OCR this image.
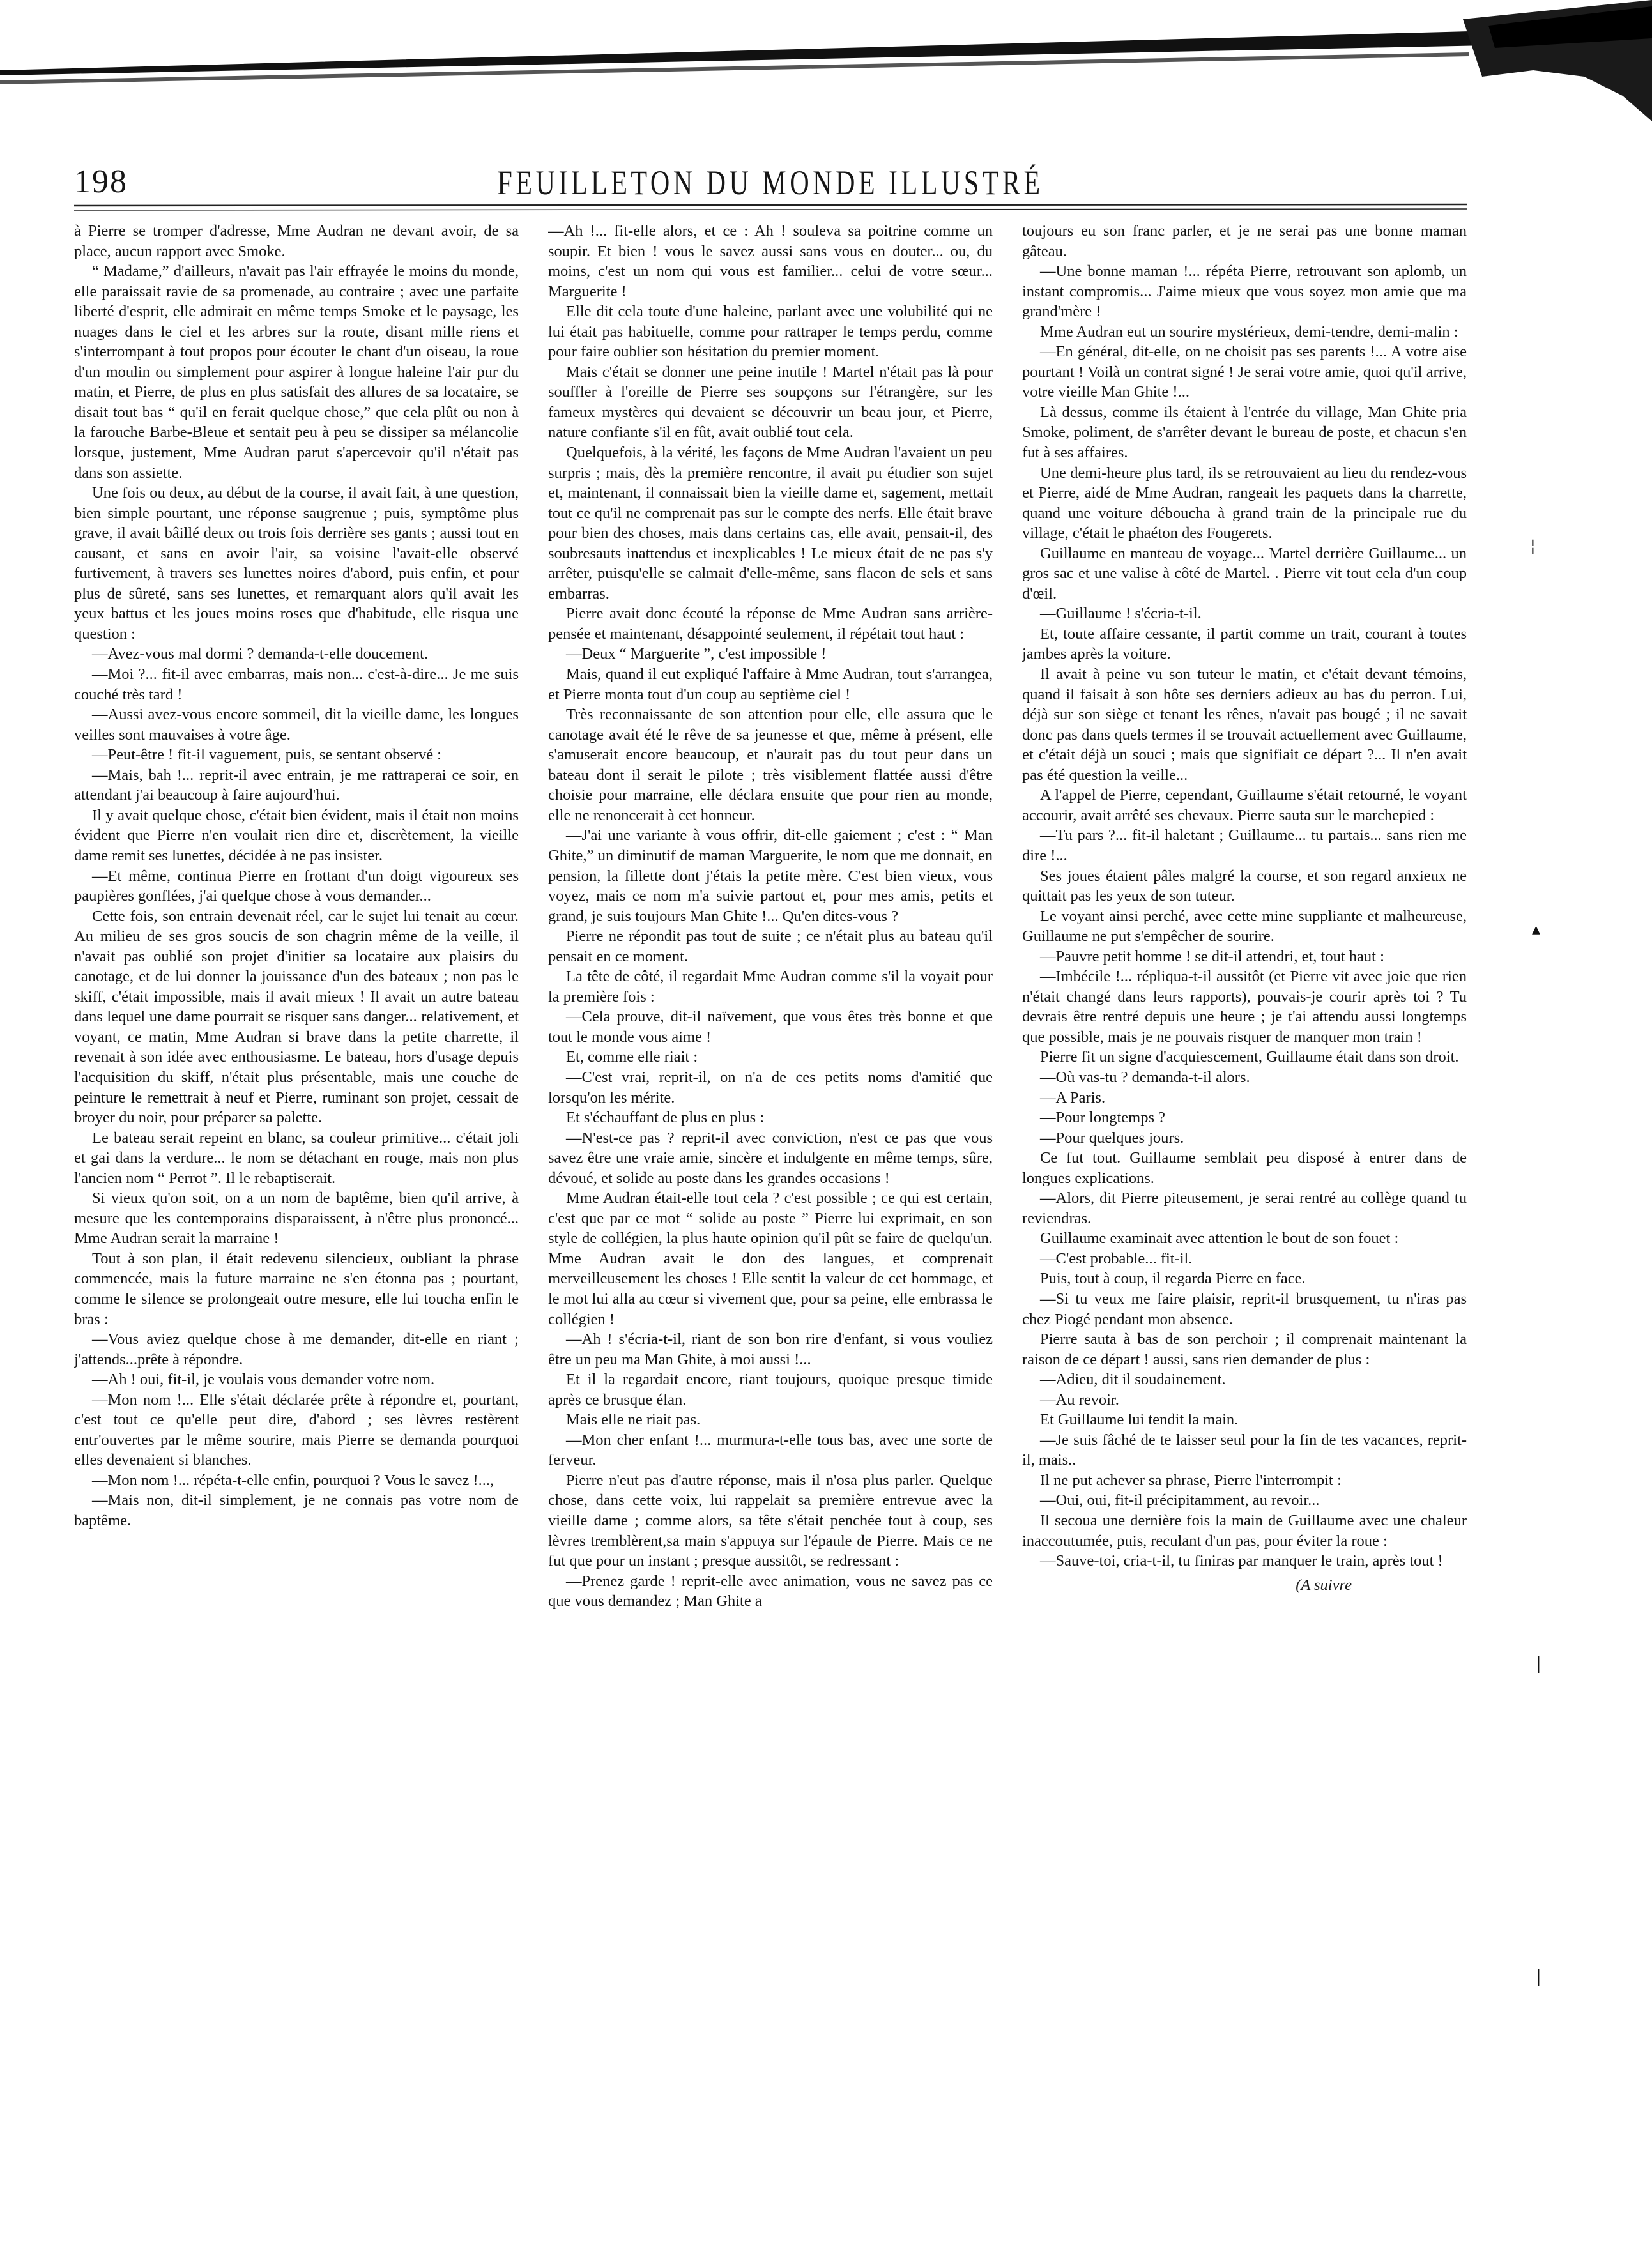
198	FEUILLETON DU MONDE ILLUSTRÉ

à Pierre se tromper d'adresse, Mme Audran ne devant avoir, de sa place, aucun rapport avec Smoke.

“ Madame,” d'ailleurs, n'avait pas l'air effrayée le moins du monde, elle paraissait ravie de sa promenade, au contraire ; avec une parfaite liberté d'esprit, elle admirait en même temps Smoke et le paysage, les nuages dans le ciel et les arbres sur la route, disant mille riens et s'interrompant à tout propos pour écouter le chant d'un oiseau, la roue d'un moulin ou simplement pour aspirer à longue haleine l'air pur du matin, et Pierre, de plus en plus satisfait des allures de sa locataire, se disait tout bas “ qu'il en ferait quelque chose,” que cela plût ou non à la farouche Barbe-Bleue et sentait peu à peu se dissiper sa mélancolie lorsque, justement, Mme Audran parut s'apercevoir qu'il n'était pas dans son assiette.

Une fois ou deux, au début de la course, il avait fait, à une question, bien simple pourtant, une réponse saugrenue ; puis, symptôme plus grave, il avait bâillé deux ou trois fois derrière ses gants ; aussi tout en causant, et sans en avoir l'air, sa voisine l'avait-elle observé furtivement, à travers ses lunettes noires d'abord, puis enfin, et pour plus de sûreté, sans ses lunettes, et remarquant alors qu'il avait les yeux battus et les joues moins roses que d'habitude, elle risqua une question :

—Avez-vous mal dormi ? demanda-t-elle doucement.

—Moi ?... fit-il avec embarras, mais non... c'est-à-dire... Je me suis couché très tard !

—Aussi avez-vous encore sommeil, dit la vieille dame, les longues veilles sont mauvaises à votre âge.

—Peut-être ! fit-il vaguement, puis, se sentant observé :

—Mais, bah !... reprit-il avec entrain, je me rattraperai ce soir, en attendant j'ai beaucoup à faire aujourd'hui.

Il y avait quelque chose, c'était bien évident, mais il était non moins évident que Pierre n'en voulait rien dire et, discrètement, la vieille dame remit ses lunettes, décidée à ne pas insister.

—Et même, continua Pierre en frottant d'un doigt vigoureux ses paupières gonflées, j'ai quelque chose à vous demander...

Cette fois, son entrain devenait réel, car le sujet lui tenait au cœur. Au milieu de ses gros soucis de son chagrin même de la veille, il n'avait pas oublié son projet d'initier sa locataire aux plaisirs du canotage, et de lui donner la jouissance d'un des bateaux ; non pas le skiff, c'était impossible, mais il avait mieux ! Il avait un autre bateau dans lequel une dame pourrait se risquer sans danger... relativement, et voyant, ce matin, Mme Audran si brave dans la petite charrette, il revenait à son idée avec enthousiasme. Le bateau, hors d'usage depuis l'acquisition du skiff, n'était plus présentable, mais une couche de peinture le remettrait à neuf et Pierre, ruminant son projet, cessait de broyer du noir, pour préparer sa palette.

Le bateau serait repeint en blanc, sa couleur primitive... c'était joli et gai dans la verdure... le nom se détachant en rouge, mais non plus l'ancien nom “ Perrot ”. Il le rebaptiserait.

Si vieux qu'on soit, on a un nom de baptême, bien qu'il arrive, à mesure que les contemporains disparaissent, à n'être plus prononcé... Mme Audran serait la marraine !

Tout à son plan, il était redevenu silencieux, oubliant la phrase commencée, mais la future marraine ne s'en étonna pas ; pourtant, comme le silence se prolongeait outre mesure, elle lui toucha enfin le bras :

—Vous aviez quelque chose à me demander, dit-elle en riant ; j'attends...prête à répondre.

—Ah ! oui, fit-il, je voulais vous demander votre nom.

—Mon nom !... Elle s'était déclarée prête à répondre et, pourtant, c'est tout ce qu'elle peut dire, d'abord ; ses lèvres restèrent entr'ouvertes par le même sourire, mais Pierre se demanda pourquoi elles devenaient si blanches.

—Mon nom !... répéta-t-elle enfin, pourquoi ? Vous le savez !...,

—Mais non, dit-il simplement, je ne connais pas votre nom de baptême.

—Ah !... fit-elle alors, et ce : Ah ! souleva sa poitrine comme un soupir. Et bien ! vous le savez aussi sans vous en douter... ou, du moins, c'est un nom qui vous est familier... celui de votre sœur... Marguerite !

Elle dit cela toute d'une haleine, parlant avec une volubilité qui ne lui était pas habituelle, comme pour rattraper le temps perdu, comme pour faire oublier son hésitation du premier moment.

Mais c'était se donner une peine inutile ! Martel n'était pas là pour souffler à l'oreille de Pierre ses soupçons sur l'étrangère, sur les fameux mystères qui devaient se découvrir un beau jour, et Pierre, nature confiante s'il en fût, avait oublié tout cela.

Quelquefois, à la vérité, les façons de Mme Audran l'avaient un peu surpris ; mais, dès la première rencontre, il avait pu étudier son sujet et, maintenant, il connaissait bien la vieille dame et, sagement, mettait tout ce qu'il ne comprenait pas sur le compte des nerfs. Elle était brave pour bien des choses, mais dans certains cas, elle avait, pensait-il, des soubresauts inattendus et inexplicables ! Le mieux était de ne pas s'y arrêter, puisqu'elle se calmait d'elle-même, sans flacon de sels et sans embarras.

Pierre avait donc écouté la réponse de Mme Audran sans arrière-pensée et maintenant, désappointé seulement, il répétait tout haut :

—Deux “ Marguerite ”, c'est impossible !

Mais, quand il eut expliqué l'affaire à Mme Audran, tout s'arrangea, et Pierre monta tout d'un coup au septième ciel !

Très reconnaissante de son attention pour elle, elle assura que le canotage avait été le rêve de sa jeunesse et que, même à présent, elle s'amuserait encore beaucoup, et n'aurait pas du tout peur dans un bateau dont il serait le pilote ; très visiblement flattée aussi d'être choisie pour marraine, elle déclara ensuite que pour rien au monde, elle ne renoncerait à cet honneur.

—J'ai une variante à vous offrir, dit-elle gaiement ; c'est : “ Man Ghite,” un diminutif de maman Marguerite, le nom que me donnait, en pension, la fillette dont j'étais la petite mère. C'est bien vieux, vous voyez, mais ce nom m'a suivie partout et, pour mes amis, petits et grand, je suis toujours Man Ghite !... Qu'en dites-vous ?

Pierre ne répondit pas tout de suite ; ce n'était plus au bateau qu'il pensait en ce moment.

La tête de côté, il regardait Mme Audran comme s'il la voyait pour la première fois :

—Cela prouve, dit-il naïvement, que vous êtes très bonne et que tout le monde vous aime !

Et, comme elle riait :

—C'est vrai, reprit-il, on n'a de ces petits noms d'amitié que lorsqu'on les mérite.

Et s'échauffant de plus en plus :

—N'est-ce pas ? reprit-il avec conviction, n'est ce pas que vous savez être une vraie amie, sincère et indulgente en même temps, sûre, dévoué, et solide au poste dans les grandes occasions !

Mme Audran était-elle tout cela ? c'est possible ; ce qui est certain, c'est que par ce mot “ solide au poste ” Pierre lui exprimait, en son style de collégien, la plus haute opinion qu'il pût se faire de quelqu'un. Mme Audran avait le don des langues, et comprenait merveilleusement les choses ! Elle sentit la valeur de cet hommage, et le mot lui alla au cœur si vivement que, pour sa peine, elle embrassa le collégien !

—Ah ! s'écria-t-il, riant de son bon rire d'enfant, si vous vouliez être un peu ma Man Ghite, à moi aussi !...

Et il la regardait encore, riant toujours, quoique presque timide après ce brusque élan.

Mais elle ne riait pas.

—Mon cher enfant !... murmura-t-elle tous bas, avec une sorte de ferveur.

Pierre n'eut pas d'autre réponse, mais il n'osa plus parler. Quelque chose, dans cette voix, lui rappelait sa première entrevue avec la vieille dame ; comme alors, sa tête s'était penchée tout à coup, ses lèvres tremblèrent,sa main s'appuya sur l'épaule de Pierre. Mais ce ne fut que pour un instant ; presque aussitôt, se redressant :

—Prenez garde ! reprit-elle avec animation, vous ne savez pas ce que vous demandez ; Man Ghite a

toujours eu son franc parler, et je ne serai pas une bonne maman gâteau.

—Une bonne maman !... répéta Pierre, retrouvant son aplomb, un instant compromis... J'aime mieux que vous soyez mon amie que ma grand'mère !

Mme Audran eut un sourire mystérieux, demi-tendre, demi-malin :

—En général, dit-elle, on ne choisit pas ses parents !... A votre aise pourtant ! Voilà un contrat signé ! Je serai votre amie, quoi qu'il arrive, votre vieille Man Ghite !...

Là dessus, comme ils étaient à l'entrée du village, Man Ghite pria Smoke, poliment, de s'arrêter devant le bureau de poste, et chacun s'en fut à ses affaires.

Une demi-heure plus tard, ils se retrouvaient au lieu du rendez-vous et Pierre, aidé de Mme Audran, rangeait les paquets dans la charrette, quand une voiture déboucha à grand train de la principale rue du village, c'était le phaéton des Fougerets.

Guillaume en manteau de voyage... Martel derrière Guillaume... un gros sac et une valise à côté de Martel. . Pierre vit tout cela d'un coup d'œil.

—Guillaume ! s'écria-t-il.

Et, toute affaire cessante, il partit comme un trait, courant à toutes jambes après la voiture.

Il avait à peine vu son tuteur le matin, et c'était devant témoins, quand il faisait à son hôte ses derniers adieux au bas du perron. Lui, déjà sur son siège et tenant les rênes, n'avait pas bougé ; il ne savait donc pas dans quels termes il se trouvait actuellement avec Guillaume, et c'était déjà un souci ; mais que signifiait ce départ ?... Il n'en avait pas été question la veille...

A l'appel de Pierre, cependant, Guillaume s'était retourné, le voyant accourir, avait arrêté ses chevaux. Pierre sauta sur le marchepied :

—Tu pars ?... fit-il haletant ; Guillaume... tu partais... sans rien me dire !...

Ses joues étaient pâles malgré la course, et son regard anxieux ne quittait pas les yeux de son tuteur.

Le voyant ainsi perché, avec cette mine suppliante et malheureuse, Guillaume ne put s'empêcher de sourire.

—Pauvre petit homme ! se dit-il attendri, et, tout haut :

—Imbécile !... répliqua-t-il aussitôt (et Pierre vit avec joie que rien n'était changé dans leurs rapports), pouvais-je courir après toi ? Tu devrais être rentré depuis une heure ; je t'ai attendu aussi longtemps que possible, mais je ne pouvais risquer de manquer mon train !

Pierre fit un signe d'acquiescement, Guillaume était dans son droit.

—Où vas-tu ? demanda-t-il alors.

—A Paris.

—Pour longtemps ?

—Pour quelques jours.

Ce fut tout. Guillaume semblait peu disposé à entrer dans de longues explications.

—Alors, dit Pierre piteusement, je serai rentré au collège quand tu reviendras.

Guillaume examinait avec attention le bout de son fouet :

—C'est probable... fit-il.

Puis, tout à coup, il regarda Pierre en face.

—Si tu veux me faire plaisir, reprit-il brusquement, tu n'iras pas chez Piogé pendant mon absence.

Pierre sauta à bas de son perchoir ; il comprenait maintenant la raison de ce départ ! aussi, sans rien demander de plus :

—Adieu, dit il soudainement.

—Au revoir.

Et Guillaume lui tendit la main.

—Je suis fâché de te laisser seul pour la fin de tes vacances, reprit-il, mais..

Il ne put achever sa phrase, Pierre l'interrompit :

—Oui, oui, fit-il précipitamment, au revoir...

Il secoua une dernière fois la main de Guillaume avec une chaleur inaccoutumée, puis, reculant d'un pas, pour éviter la roue :

—Sauve-toi, cria-t-il, tu finiras par manquer le train, après tout !

(A suivre

¦
▴
|
|
